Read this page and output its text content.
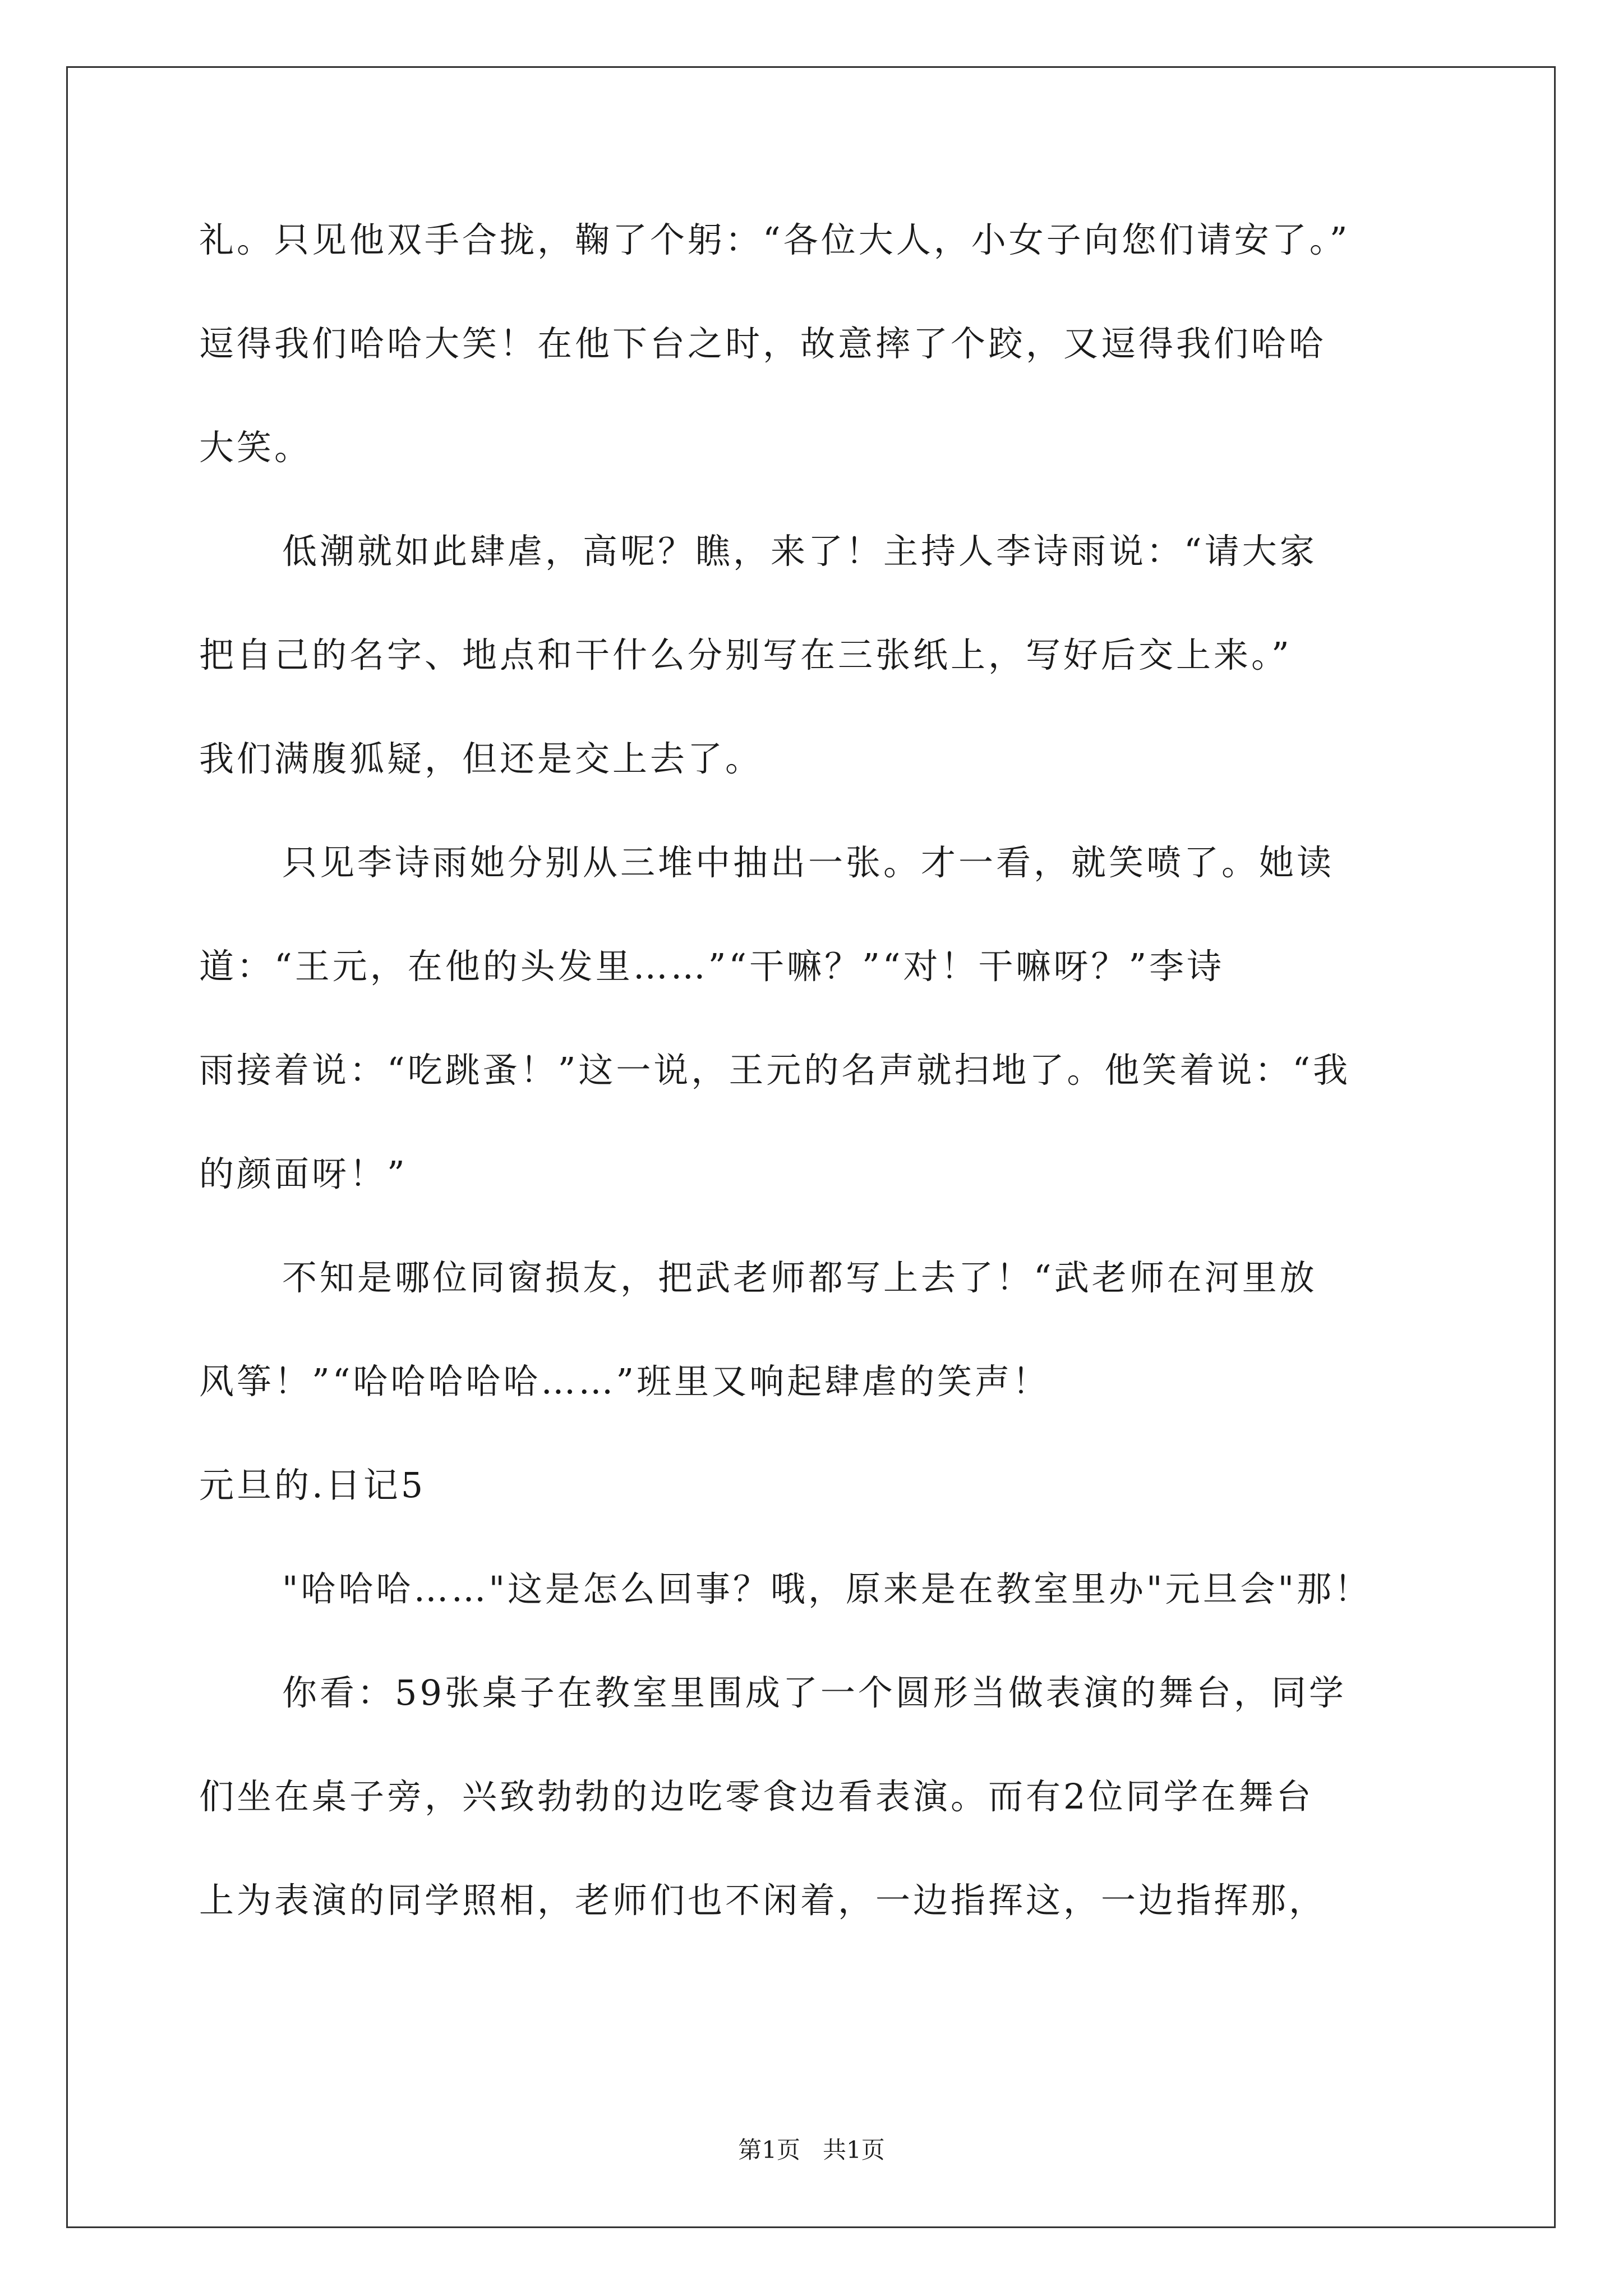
礼。只见他双手合拢，鞠了个躬：“各位大人，小女子向您们请安了。”
逗得我们哈哈大笑！在他下台之时，故意摔了个跤，又逗得我们哈哈
大笑。
低潮就如此肆虐，高呢？瞧，来了！主持人李诗雨说：“请大家
把自己的名字、地点和干什么分别写在三张纸上，写好后交上来。”
我们满腹狐疑，但还是交上去了。
只见李诗雨她分别从三堆中抽出一张。才一看，就笑喷了。她读
道：“王元，在他的头发里……”“干嘛？”“对！干嘛呀？”李诗
雨接着说：“吃跳蚤！”这一说，王元的名声就扫地了。他笑着说：“我
的颜面呀！”
不知是哪位同窗损友，把武老师都写上去了！“武老师在河里放
风筝！”“哈哈哈哈哈……”班里又响起肆虐的笑声！
元旦的.日记5
"哈哈哈……"这是怎么回事？哦，原来是在教室里办"元旦会"那！
你看：59张桌子在教室里围成了一个圆形当做表演的舞台，同学
们坐在桌子旁，兴致勃勃的边吃零食边看表演。而有2位同学在舞台
上为表演的同学照相，老师们也不闲着，一边指挥这，一边指挥那，
第1页   共1页
